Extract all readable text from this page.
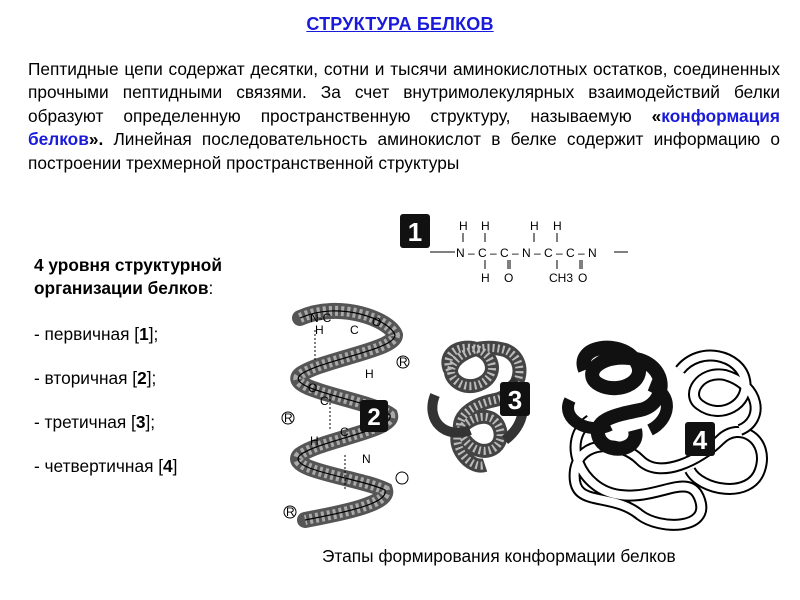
СТРУКТУРА БЕЛКОВ
Пептидные цепи содержат десятки, сотни и тысячи аминокислотных остатков, соединенных прочными пептидными связями. За счет внутримолекулярных взаимодействий белки образуют определенную пространственную структуру, называемую «конформация белков». Линейная последовательность аминокислот в белке содержит информацию о построении трехмерной пространственной структуры
4 уровня структурной организации белков:
- первичная [1];
- вторичная [2];
- третичная [3];
- четвертичная [4]
1
N – C – C – N – C – C – N
H H	H H
H O	CH3 O
N-C
H C
O
R
H
C
O
R
N
H
C
R
2
3
4
Этапы формирования конформации белков
